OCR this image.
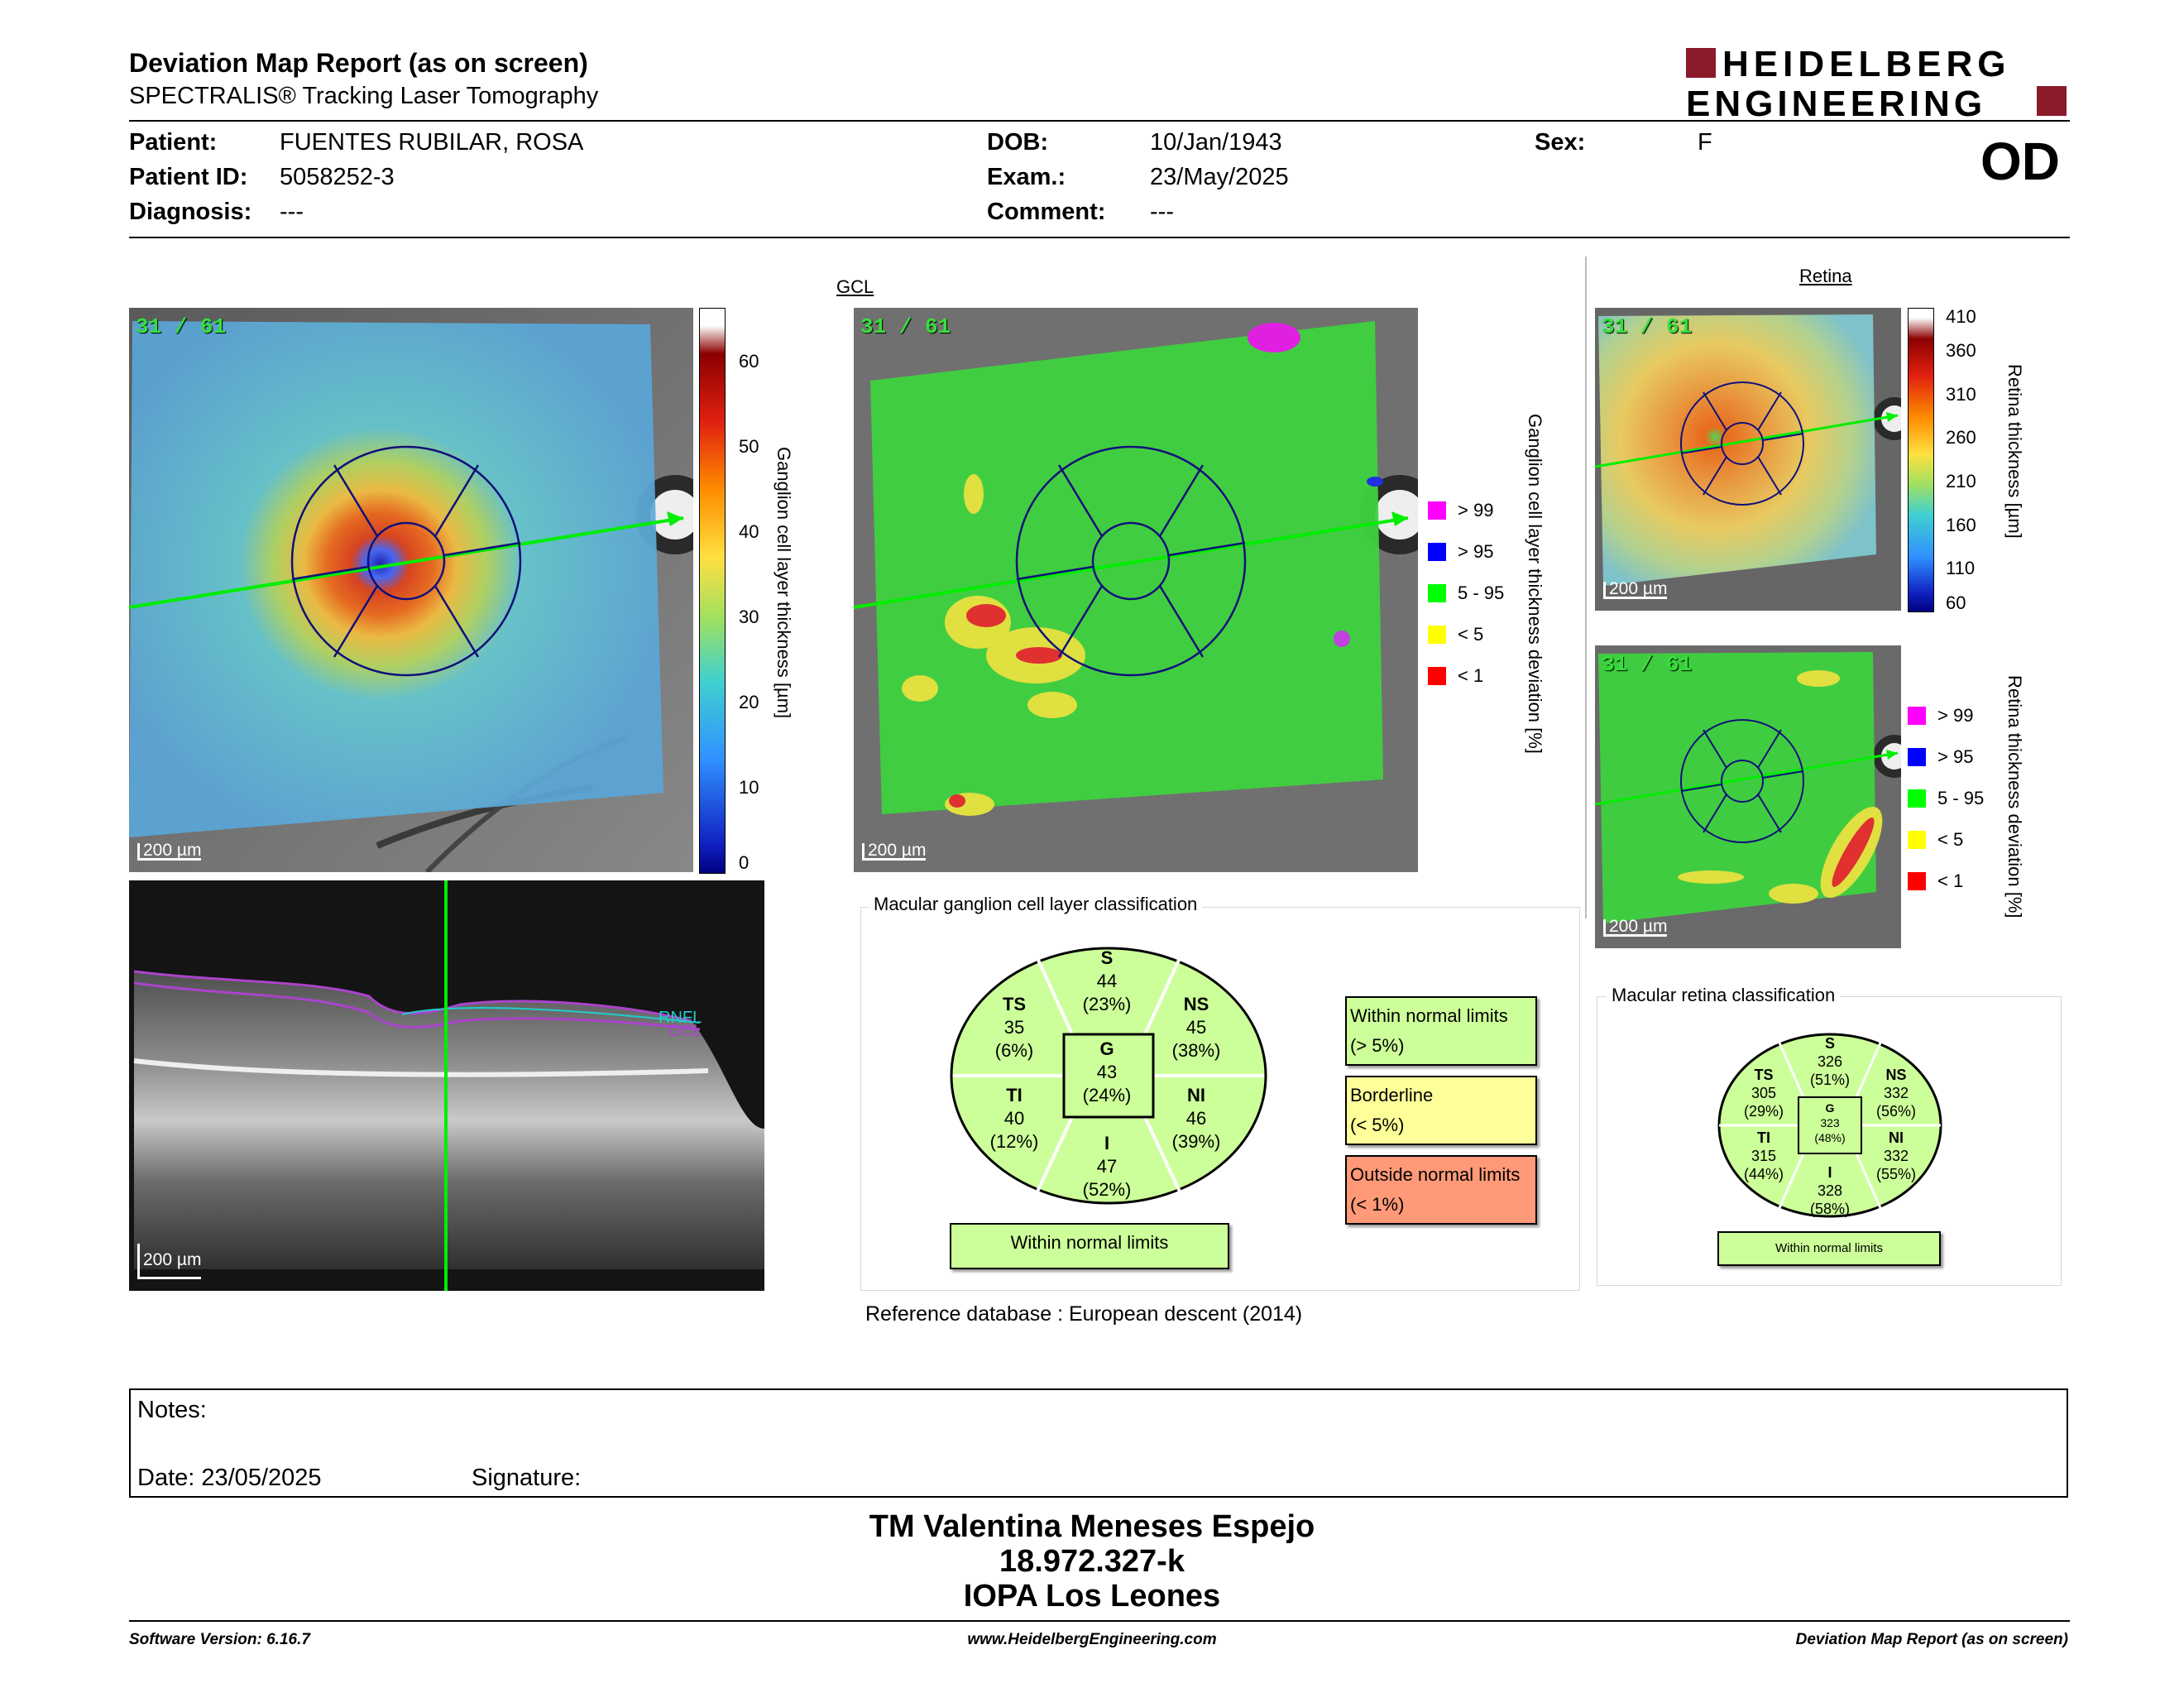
Deviation Map Report (as on screen)
SPECTRALIS® Tracking Laser Tomography
HEIDELBERG
ENGINEERING
Patient:	FUENTES RUBILAR, ROSA
Patient ID: 5058252-3
Diagnosis: ---
DOB:	10/Jan/1943
Exam.:	23/May/2025
Comment: ---
Sex:	F	OD
GCL
Retina
31 / 61
200 µm
60
50
40
30
20
10
0
Ganglion cell layer thickness [µm]
31 / 61
200 µm
> 99
> 95
5 - 95
< 5
< 1 Ganglion cell layer thickness deviation [%]
RNFL
GCL
200 µm
Macular ganglion cell layer classification
S
44
(23%)
TS
35
(6%)
NS
45
(38%)
G
43
(24%)
TI
40
(12%)
NI
46
(39%)
I
47
(52%)
Within normal limits
Within normal limits
(> 5%)
Borderline
(< 5%)
Outside normal limits
(< 1%)
Reference database : European descent (2014)
31 / 61
200 µm
410
360
310
260
210
160
110
60
Retina thickness [µm]
31 / 61
200 µm
> 99
> 95
5 - 95
< 5
< 1 Retina thickness deviation [%]
Macular retina classification
S
326
(51%)
TS
305
(29%)
NS
332
(56%)
G
323
(48%)
TI
315
(44%)
NI
332
(55%)
I
328
(58%)
Within normal limits
Notes:
Date: 23/05/2025	Signature:
TM Valentina Meneses Espejo
18.972.327-k
IOPA Los Leones
Software Version: 6.16.7	www.HeidelbergEngineering.com	Deviation Map Report (as on screen)
